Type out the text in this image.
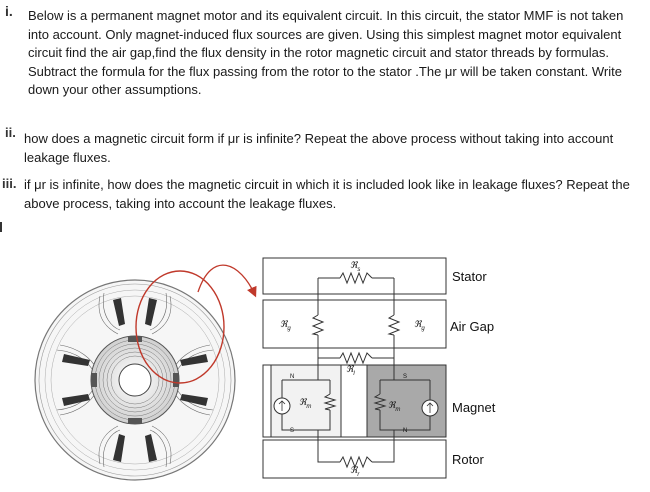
i. Below is a permanent magnet motor and its equivalent circuit. In this circuit, the stator MMF is not taken into account. Only magnet-induced flux sources are given. Using this simplest magnet motor equivalent circuit find the air gap,find the flux density in the rotor magnetic circuit and stator threads by formulas. Subtract the formula for the flux passing from the rotor to the stator .The μr will be taken constant. Write down your other assumptions.
ii. how does a magnetic circuit form if μr is infinite? Repeat the above process without taking into account leakage fluxes.
iii. if μr is infinite, how does the magnetic circuit in which it is included look like in leakage fluxes? Repeat the above process, taking into account the leakage fluxes.
ℜ$_s$
ℜ$_g$	ℜ$_g$
ℜ$_l$
ℜ$_m$	ℜ$_m$
ℜ$_r$
N
S
S
N
Stator
Air Gap
Magnet
Rotor
